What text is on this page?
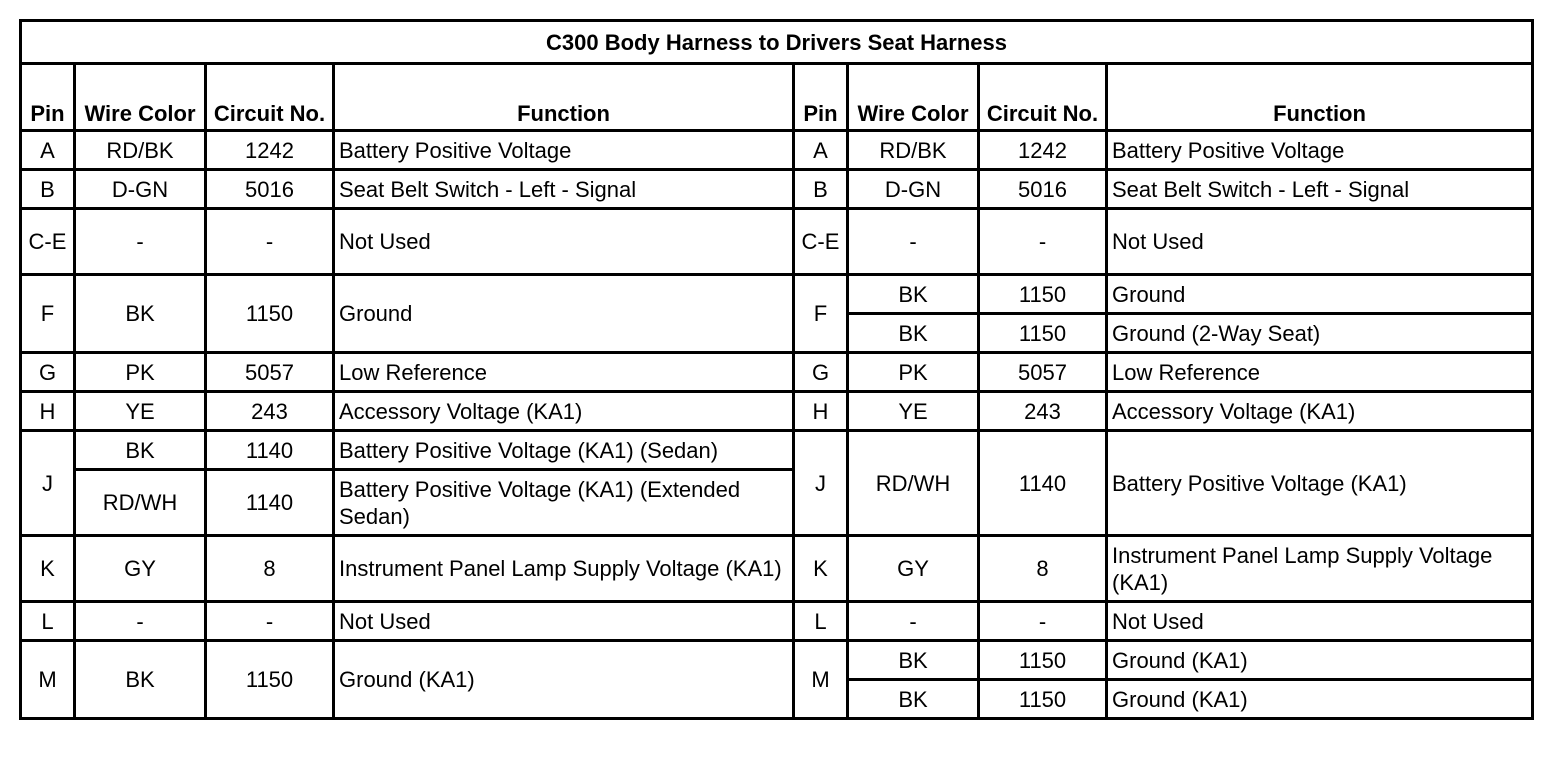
C300 Body Harness to Drivers Seat Harness							
Pin	Wire Color	Circuit No.	Function	Pin	Wire Color	Circuit No.	Function
A	RD/BK	1242	Battery Positive Voltage	A	RD/BK	1242	Battery Positive Voltage
B	D-GN	5016	Seat Belt Switch - Left - Signal	B	D-GN	5016	Seat Belt Switch - Left - Signal
C-E	-	-	Not Used	C-E	-	-	Not Used
F	BK	1150	Ground	F	BK	1150	Ground
					BK	1150	Ground (2-Way Seat)
G	PK	5057	Low Reference	G	PK	5057	Low Reference
H	YE	243	Accessory Voltage (KA1)	H	YE	243	Accessory Voltage (KA1)
J	BK	1140	Battery Positive Voltage (KA1) (Sedan)	J	RD/WH	1140	Battery Positive Voltage (KA1)
	RD/WH	1140	Battery Positive Voltage (KA1) (Extended Sedan)				
K	GY	8	Instrument Panel Lamp Supply Voltage (KA1)	K	GY	8	Instrument Panel Lamp Supply Voltage (KA1)
L	-	-	Not Used	L	-	-	Not Used
M	BK	1150	Ground (KA1)	M	BK	1150	Ground (KA1)
					BK	1150	Ground (KA1)
